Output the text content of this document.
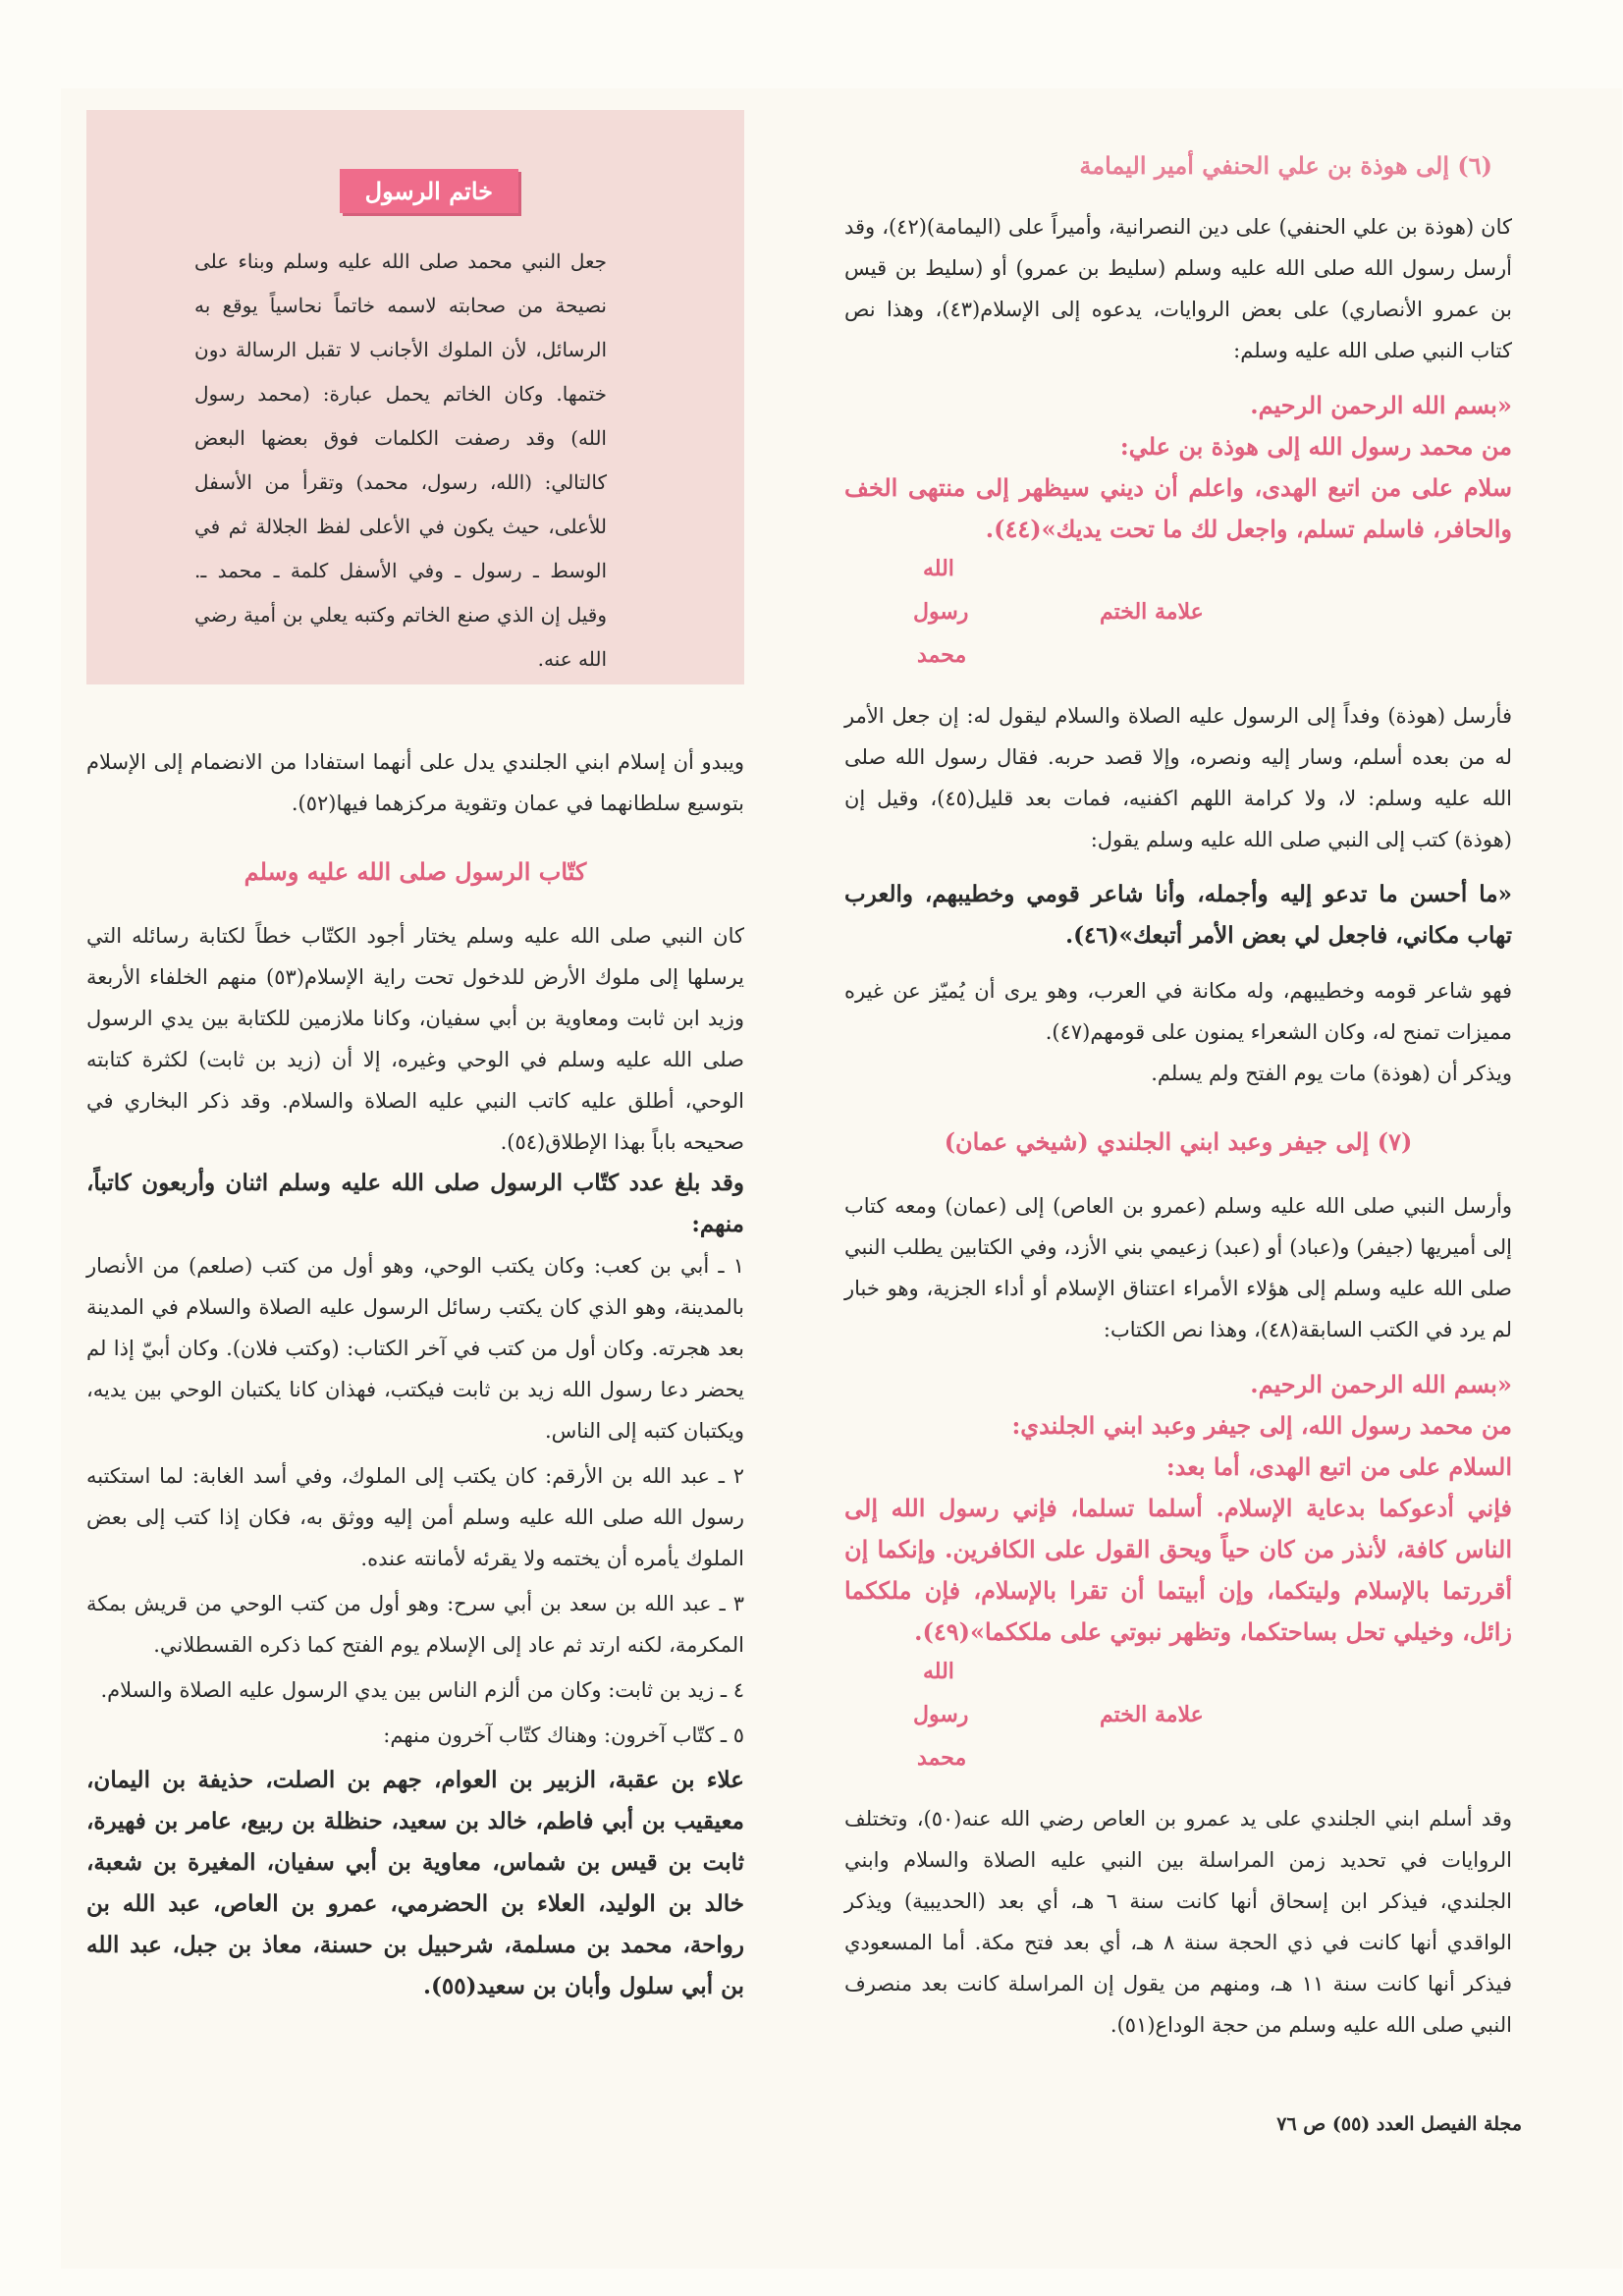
(٦) إلى هوذة بن علي الحنفي أمير اليمامة

كان (هوذة بن علي الحنفي) على دين النصرانية، وأميراً على (اليمامة)(٤٢)، وقد أرسل رسول الله صلى الله عليه وسلم (سليط بن عمرو) أو (سليط بن قيس بن عمرو الأنصاري) على بعض الروايات، يدعوه إلى الإسلام(٤٣)، وهذا نص كتاب النبي صلى الله عليه وسلم:

«بسم الله الرحمن الرحيم.

من محمد رسول الله إلى هوذة بن علي:

سلام على من اتبع الهدى، واعلم أن ديني سيظهر إلى منتهى الخف والحافر، فاسلم تسلم، واجعل لك ما تحت يديك»(٤٤).

الله
رسول
محمد
علامة الختم

فأرسل (هوذة) وفداً إلى الرسول عليه الصلاة والسلام ليقول له: إن جعل الأمر له من بعده أسلم، وسار إليه ونصره، وإلا قصد حربه. فقال رسول الله صلى الله عليه وسلم: لا، ولا كرامة اللهم اكفنيه، فمات بعد قليل(٤٥)، وقيل إن (هوذة) كتب إلى النبي صلى الله عليه وسلم يقول:

«ما أحسن ما تدعو إليه وأجمله، وأنا شاعر قومي وخطيبهم، والعرب تهاب مكاني، فاجعل لي بعض الأمر أتبعك»(٤٦).

فهو شاعر قومه وخطيبهم، وله مكانة في العرب، وهو يرى أن يُميّز عن غيره مميزات تمنح له، وكان الشعراء يمنون على قومهم(٤٧).

ويذكر أن (هوذة) مات يوم الفتح ولم يسلم.

(٧) إلى جيفر وعبد ابني الجلندي (شيخي عمان)

وأرسل النبي صلى الله عليه وسلم (عمرو بن العاص) إلى (عمان) ومعه كتاب إلى أميريها (جيفر) و(عباد) أو (عبد) زعيمي بني الأزد، وفي الكتابين يطلب النبي صلى الله عليه وسلم إلى هؤلاء الأمراء اعتناق الإسلام أو أداء الجزية، وهو خبار لم يرد في الكتب السابقة(٤٨)، وهذا نص الكتاب:

«بسم الله الرحمن الرحيم.

من محمد رسول الله، إلى جيفر وعبد ابني الجلندي:

السلام على من اتبع الهدى، أما بعد:

فإني أدعوكما بدعاية الإسلام. أسلما تسلما، فإني رسول الله إلى الناس كافة، لأنذر من كان حياً ويحق القول على الكافرين. وإنكما إن أقررتما بالإسلام وليتكما، وإن أبيتما أن تقرا بالإسلام، فإن ملككما زائل، وخيلي تحل بساحتكما، وتظهر نبوتي على ملككما»(٤٩).

الله
رسول
محمد
علامة الختم

وقد أسلم ابني الجلندي على يد عمرو بن العاص رضي الله عنه(٥٠)، وتختلف الروايات في تحديد زمن المراسلة بين النبي عليه الصلاة والسلام وابني الجلندي، فيذكر ابن إسحاق أنها كانت سنة ٦ هـ، أي بعد (الحديبية) ويذكر الواقدي أنها كانت في ذي الحجة سنة ٨ هـ، أي بعد فتح مكة. أما المسعودي فيذكر أنها كانت سنة ١١ هـ، ومنهم من يقول إن المراسلة كانت بعد منصرف النبي صلى الله عليه وسلم من حجة الوداع(٥١).

خاتم الرسول
جعل النبي محمد صلى الله عليه وسلم وبناء على نصيحة من صحابته لاسمه خاتماً نحاسياً يوقع به الرسائل، لأن الملوك الأجانب لا تقبل الرسالة دون ختمها. وكان الخاتم يحمل عبارة: (محمد رسول الله) وقد رصفت الكلمات فوق بعضها البعض كالتالي: (الله، رسول، محمد) وتقرأ من الأسفل للأعلى، حيث يكون في الأعلى لفظ الجلالة ثم في الوسط ـ رسول ـ وفي الأسفل كلمة ـ محمد ـ. وقيل إن الذي صنع الخاتم وكتبه يعلي بن أمية رضي الله عنه.

ويبدو أن إسلام ابني الجلندي يدل على أنهما استفادا من الانضمام إلى الإسلام بتوسيع سلطانهما في عمان وتقوية مركزهما فيها(٥٢).

كتّاب الرسول صلى الله عليه وسلم

كان النبي صلى الله عليه وسلم يختار أجود الكتّاب خطاً لكتابة رسائله التي يرسلها إلى ملوك الأرض للدخول تحت راية الإسلام(٥٣) منهم الخلفاء الأربعة وزيد ابن ثابت ومعاوية بن أبي سفيان، وكانا ملازمين للكتابة بين يدي الرسول صلى الله عليه وسلم في الوحي وغيره، إلا أن (زيد بن ثابت) لكثرة كتابته الوحي، أطلق عليه كاتب النبي عليه الصلاة والسلام. وقد ذكر البخاري في صحيحه باباً بهذا الإطلاق(٥٤).

وقد بلغ عدد كتّاب الرسول صلى الله عليه وسلم اثنان وأربعون كاتباً، منهم:

١ ـ أبي بن كعب: وكان يكتب الوحي، وهو أول من كتب (صلعم) من الأنصار بالمدينة، وهو الذي كان يكتب رسائل الرسول عليه الصلاة والسلام في المدينة بعد هجرته. وكان أول من كتب في آخر الكتاب: (وكتب فلان). وكان أبيّ إذا لم يحضر دعا رسول الله زيد بن ثابت فيكتب، فهذان كانا يكتبان الوحي بين يديه، ويكتبان كتبه إلى الناس.

٢ ـ عبد الله بن الأرقم: كان يكتب إلى الملوك، وفي أسد الغابة: لما استكتبه رسول الله صلى الله عليه وسلم أمن إليه ووثق به، فكان إذا كتب إلى بعض الملوك يأمره أن يختمه ولا يقرئه لأمانته عنده.

٣ ـ عبد الله بن سعد بن أبي سرح: وهو أول من كتب الوحي من قريش بمكة المكرمة، لكنه ارتد ثم عاد إلى الإسلام يوم الفتح كما ذكره القسطلاني.

٤ ـ زيد بن ثابت: وكان من ألزم الناس بين يدي الرسول عليه الصلاة والسلام.

٥ ـ كتّاب آخرون: وهناك كتّاب آخرون منهم:

علاء بن عقبة، الزبير بن العوام، جهم بن الصلت، حذيفة بن اليمان، معيقيب بن أبي فاطم، خالد بن سعيد، حنظلة بن ربيع، عامر بن فهيرة، ثابت بن قيس بن شماس، معاوية بن أبي سفيان، المغيرة بن شعبة، خالد بن الوليد، العلاء بن الحضرمي، عمرو بن العاص، عبد الله بن رواحة، محمد بن مسلمة، شرحبيل بن حسنة، معاذ بن جبل، عبد الله بن أبي سلول وأبان بن سعيد(٥٥).

مجلة الفيصل العدد (٥٥) ص ٧٦
